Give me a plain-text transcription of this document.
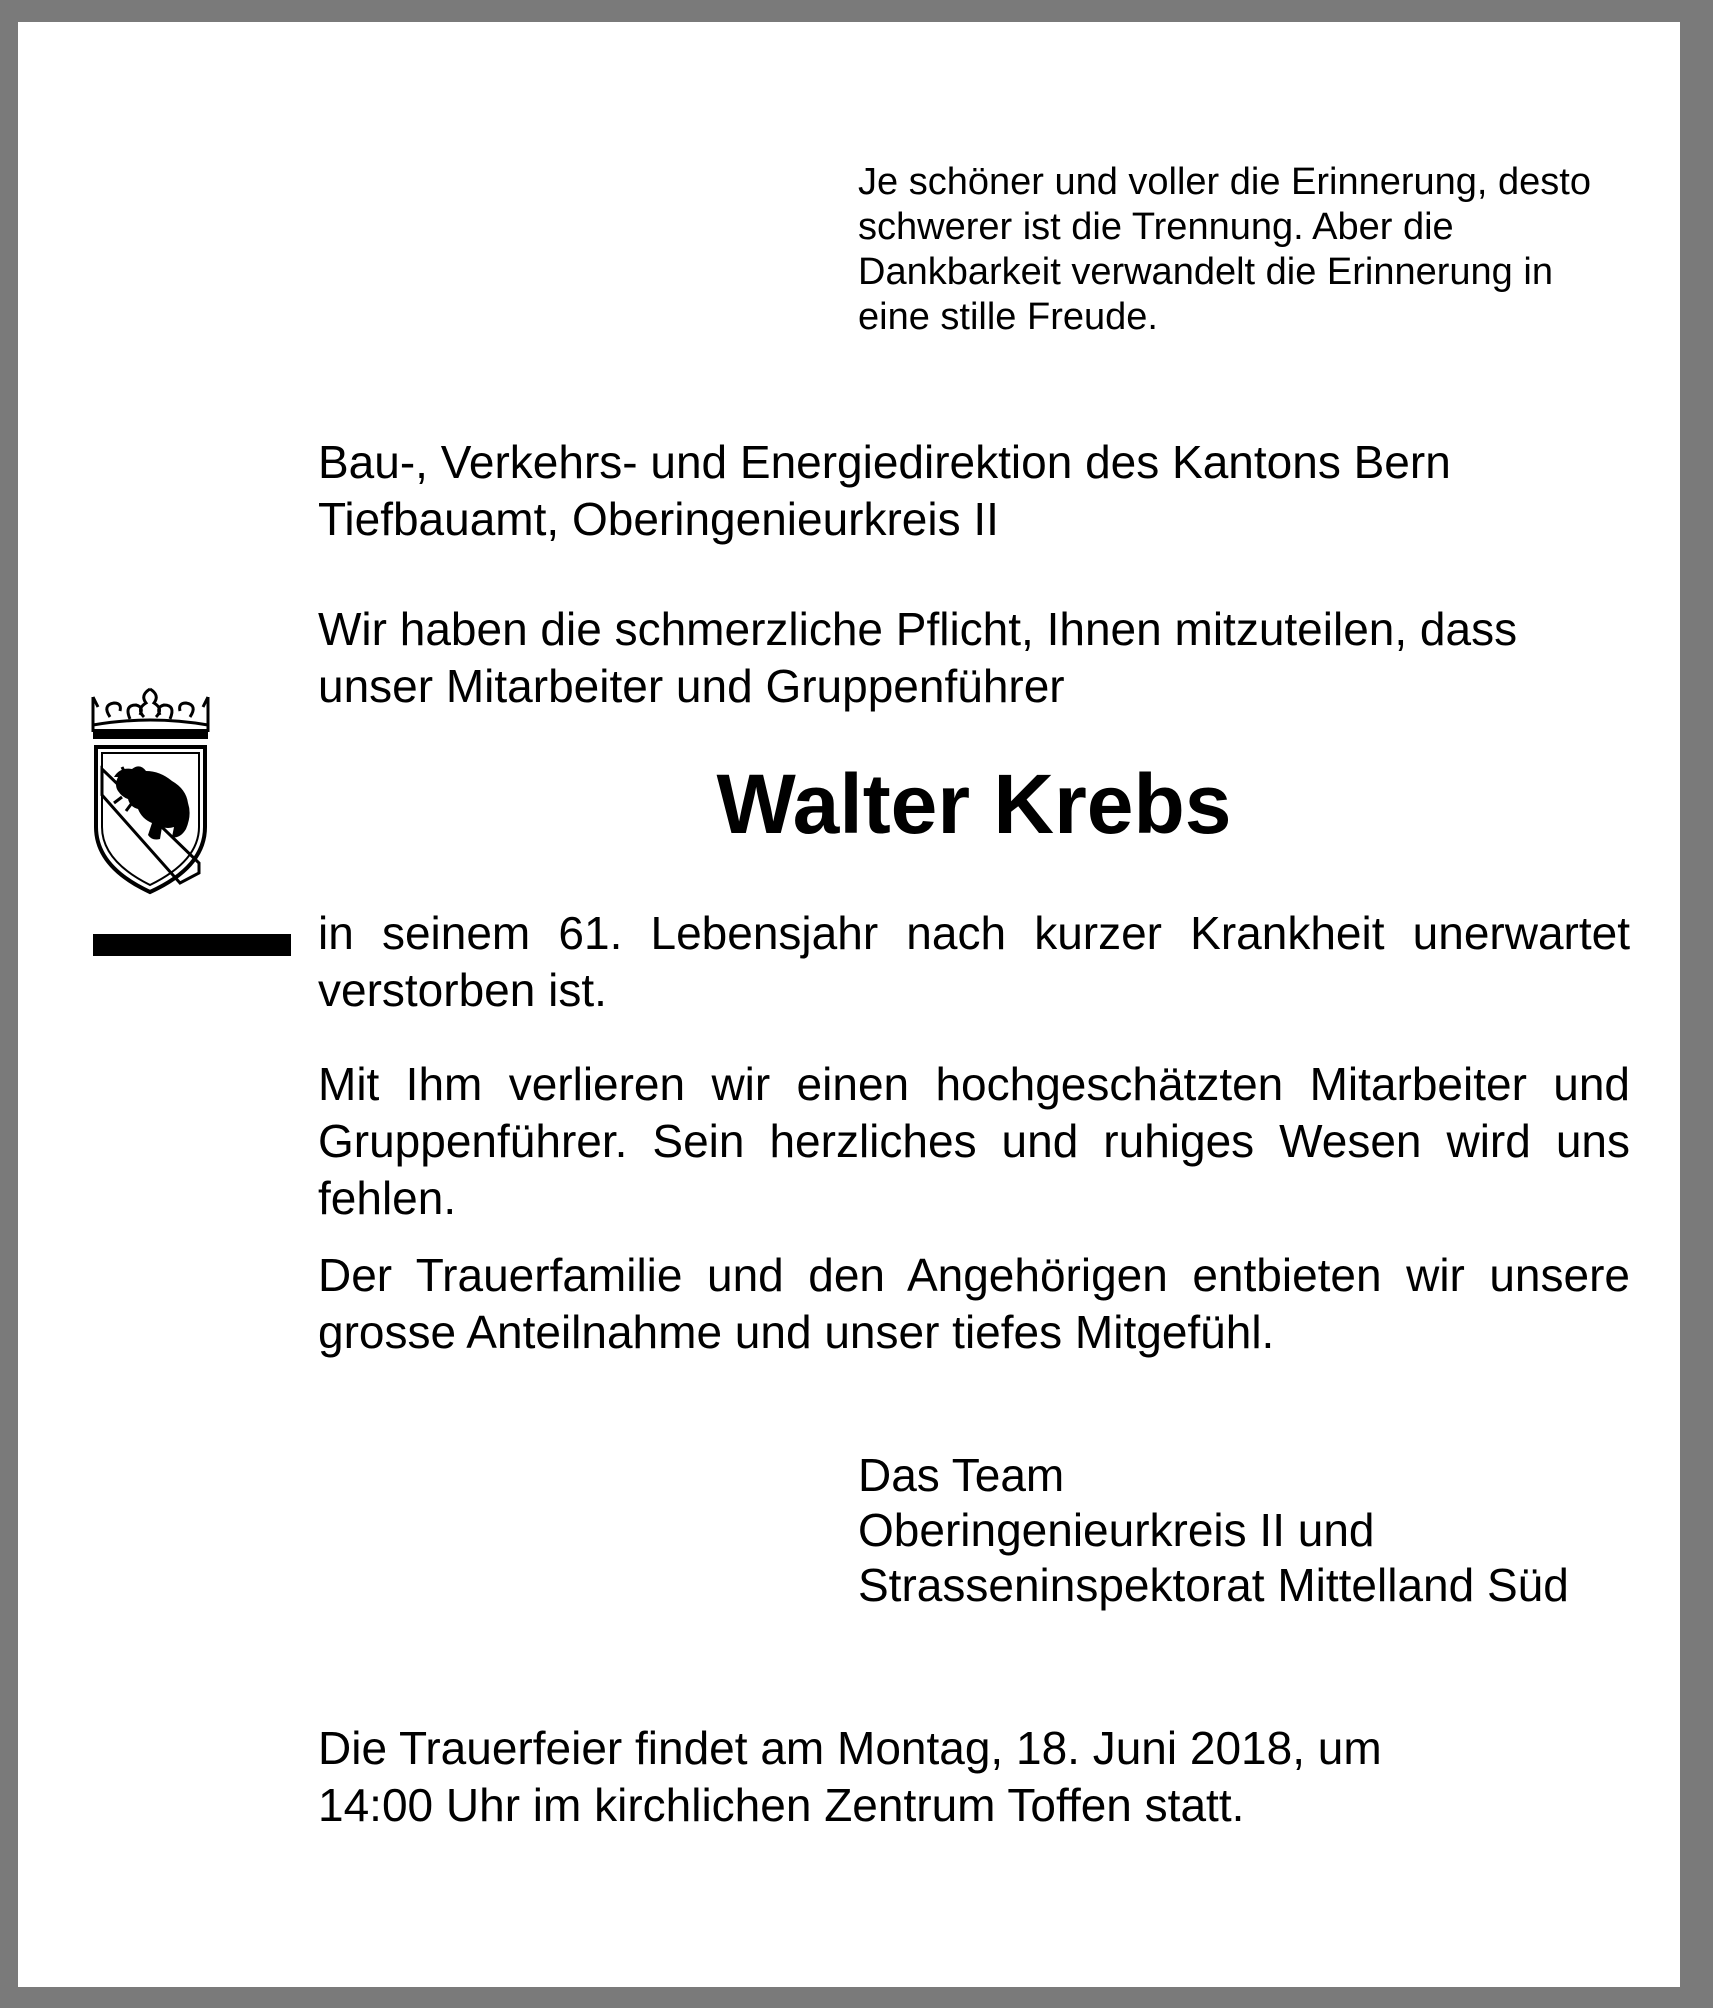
Je schöner und voller die Erinnerung, desto
schwerer ist die Trennung. Aber die
Dankbarkeit verwandelt die Erinnerung in
eine stille Freude.
Bau-, Verkehrs- und Energiedirektion des Kantons Bern
Tiefbauamt, Oberingenieurkreis II
Wir haben die schmerzliche Pflicht, Ihnen mitzuteilen, dass
unser Mitarbeiter und Gruppenführer
Walter Krebs
in seinem 61. Lebensjahr nach kurzer Krankheit unerwartet
verstorben ist.
Mit Ihm verlieren wir einen hochgeschätzten Mitarbeiter und
Gruppenführer. Sein herzliches und ruhiges Wesen wird uns
fehlen.
Der Trauerfamilie und den Angehörigen entbieten wir unsere
grosse Anteilnahme und unser tiefes Mitgefühl.
Das Team
Oberingenieurkreis II und
Strasseninspektorat Mittelland Süd
Die Trauerfeier findet am Montag, 18. Juni 2018, um
14:00 Uhr im kirchlichen Zentrum Toffen statt.
